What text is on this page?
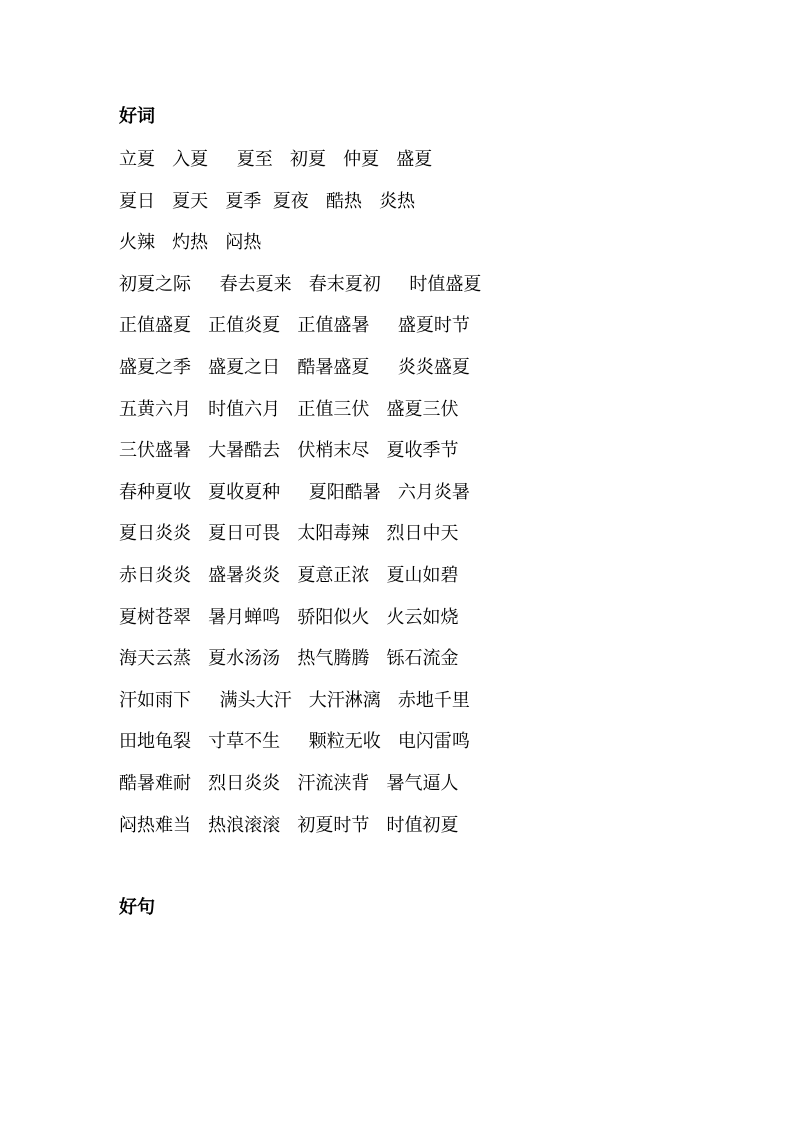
好词
立夏   入夏     夏至   初夏   仲夏   盛夏
夏日   夏天   夏季  夏夜   酷热   炎热
火辣   灼热   闷热
初夏之际     春去夏来   春末夏初     时值盛夏
正值盛夏   正值炎夏   正值盛暑     盛夏时节
盛夏之季   盛夏之日   酷暑盛夏     炎炎盛夏
五黄六月   时值六月   正值三伏   盛夏三伏
三伏盛暑   大暑酷去   伏梢末尽   夏收季节
春种夏收   夏收夏种     夏阳酷暑   六月炎暑
夏日炎炎   夏日可畏   太阳毒辣   烈日中天
赤日炎炎   盛暑炎炎   夏意正浓   夏山如碧
夏树苍翠   暑月蝉鸣   骄阳似火   火云如烧
海天云蒸   夏水汤汤   热气腾腾   铄石流金
汗如雨下     满头大汗   大汗淋漓   赤地千里
田地龟裂   寸草不生     颗粒无收   电闪雷鸣
酷暑难耐   烈日炎炎   汗流浃背   暑气逼人
闷热难当   热浪滚滚   初夏时节   时值初夏
好句
